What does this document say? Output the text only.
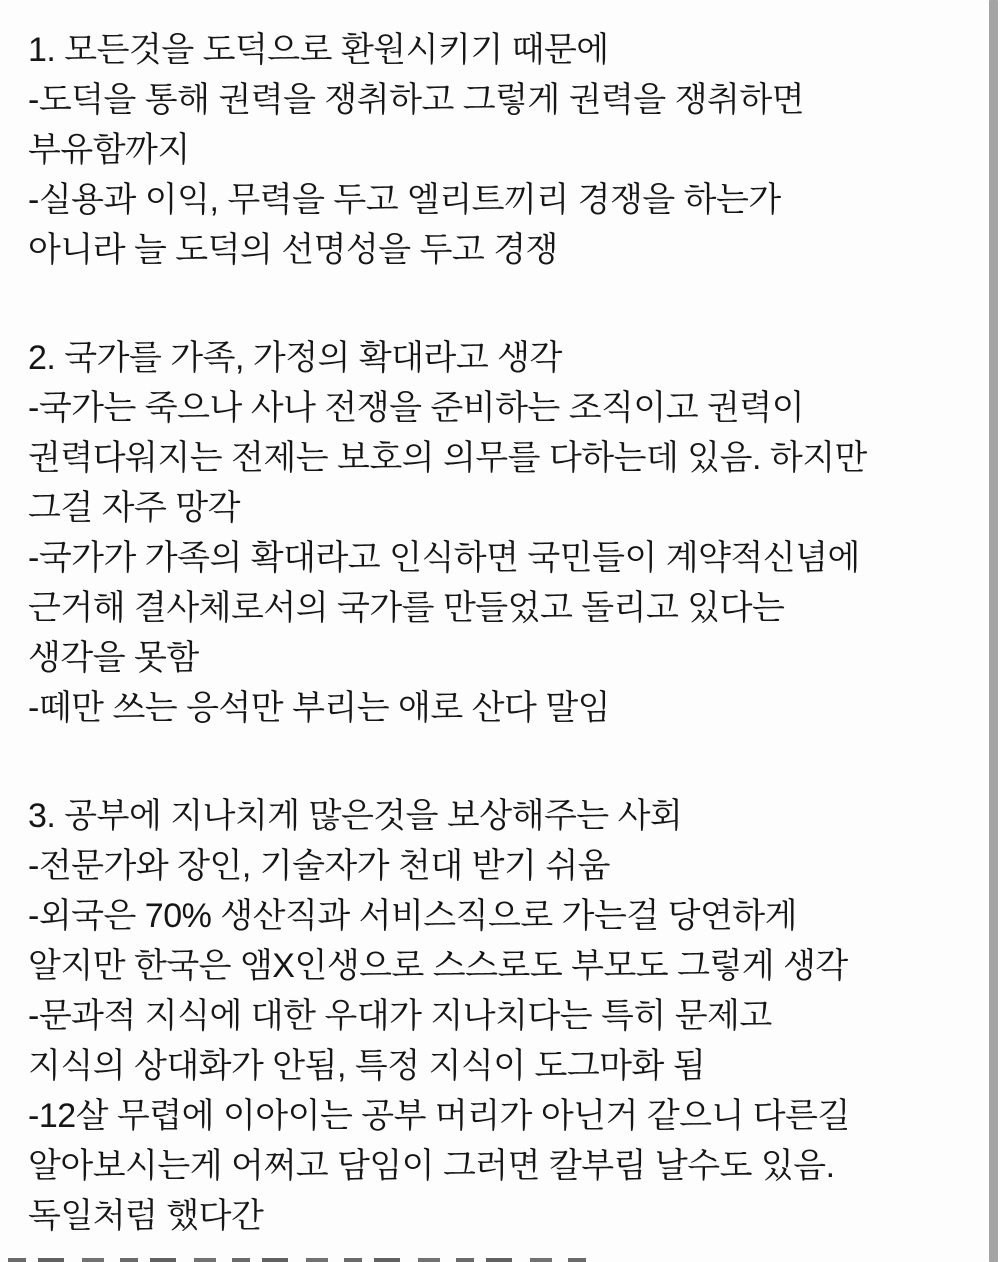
1. 모든것을 도덕으로 환원시키기 때문에

-도덕을 통해 권력을 쟁취하고 그렇게 권력을 쟁취하면

부유함까지

-실용과 이익, 무력을 두고 엘리트끼리 경쟁을 하는가

아니라 늘 도덕의 선명성을 두고 경쟁

2. 국가를 가족, 가정의 확대라고 생각

-국가는 죽으나 사나 전쟁을 준비하는 조직이고 권력이

권력다워지는 전제는 보호의 의무를 다하는데 있음. 하지만

그걸 자주 망각

-국가가 가족의 확대라고 인식하면 국민들이 계약적신념에

근거해 결사체로서의 국가를 만들었고 돌리고 있다는

생각을 못함

-떼만 쓰는 응석만 부리는 애로 산다 말임

3. 공부에 지나치게 많은것을 보상해주는 사회

-전문가와 장인, 기술자가 천대 받기 쉬움

-외국은 70% 생산직과 서비스직으로 가는걸 당연하게

알지만 한국은 앰X인생으로 스스로도 부모도 그렇게 생각

-문과적 지식에 대한 우대가 지나치다는 특히 문제고

지식의 상대화가 안됨, 특정 지식이 도그마화 됨

-12살 무렵에 이아이는 공부 머리가 아닌거 같으니 다른길

알아보시는게 어쩌고 담임이 그러면 칼부림 날수도 있음.

독일처럼 했다간
